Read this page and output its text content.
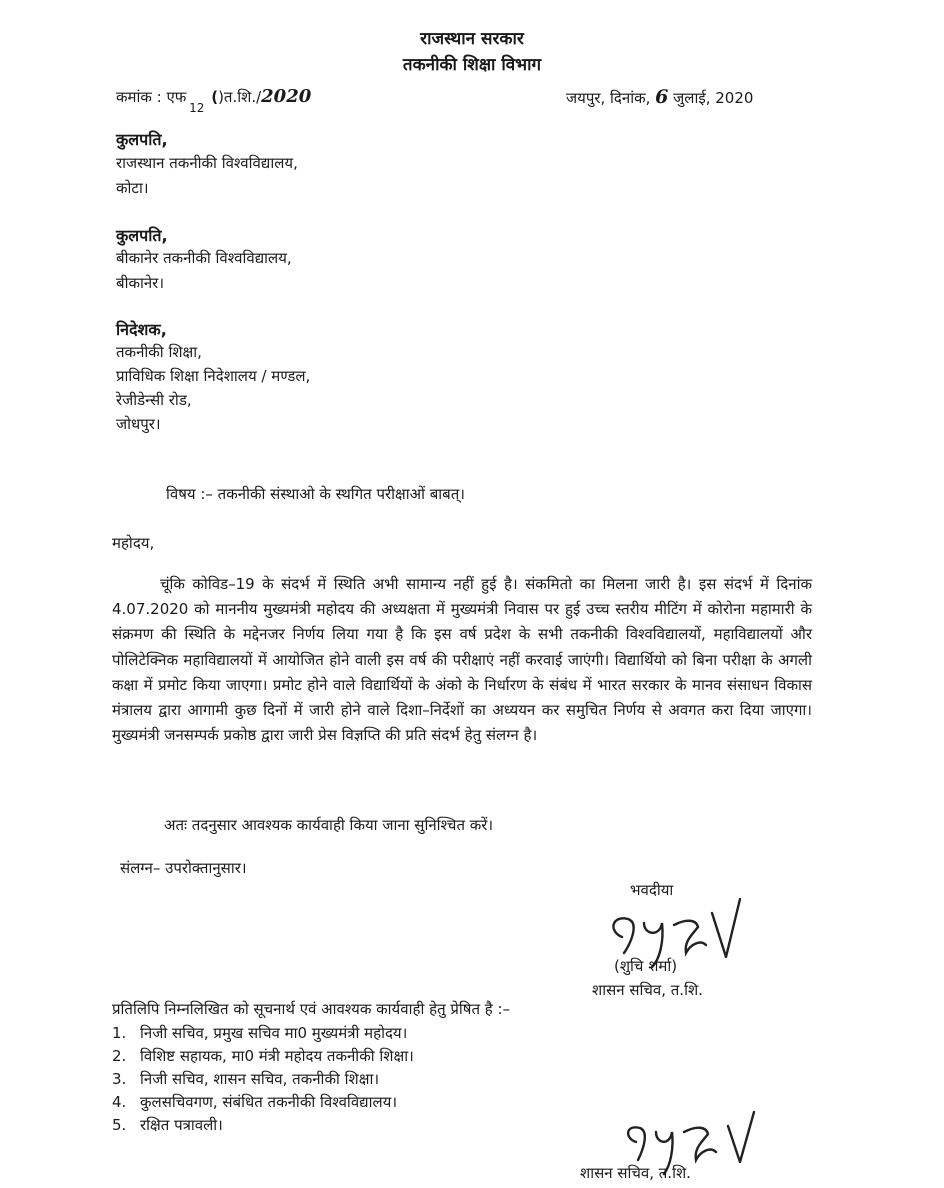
राजस्थान सरकार
तकनीकी शिक्षा विभाग
कमांक : एफ $_{12}$ ()त.शि./2020	जयपुर, दिनांक, 6 जुलाई, 2020
कुलपति,
राजस्थान तकनीकी विश्वविद्यालय,
कोटा।
कुलपति,
बीकानेर तकनीकी विश्वविद्यालय,
बीकानेर।
निदेशक,
तकनीकी शिक्षा,
प्राविधिक शिक्षा निदेशालय / मण्डल,
रेजीडेन्सी रोड,
जोधपुर।
विषय :– तकनीकी संस्थाओ के स्थगित परीक्षाओं बाबत्।
महोदय,
चूंकि कोविड–19 के संदर्भ में स्थिति अभी सामान्य नहीं हुई है। संकमितो का मिलना जारी है। इस संदर्भ में दिनांक 4.07.2020 को माननीय मुख्यमंत्री महोदय की अध्यक्षता में मुख्यमंत्री निवास पर हुई उच्च स्तरीय मीटिंग में कोरोना महामारी के संक्रमण की स्थिति के मद्देनजर निर्णय लिया गया है कि इस वर्ष प्रदेश के सभी तकनीकी विश्वविद्यालयों, महाविद्यालयों और पोलिटेक्निक महाविद्यालयों में आयोजित होने वाली इस वर्ष की परीक्षाएं नहीं करवाई जाएंगी। विद्यार्थियो को बिना परीक्षा के अगली कक्षा में प्रमोट किया जाएगा। प्रमोट होने वाले विद्यार्थियों के अंको के निर्धारण के संबंध में भारत सरकार के मानव संसाधन विकास मंत्रालय द्वारा आगामी कुछ दिनों में जारी होने वाले दिशा–निर्देशों का अध्ययन कर समुचित निर्णय से अवगत करा दिया जाएगा। मुख्यमंत्री जनसम्पर्क प्रकोष्ठ द्वारा जारी प्रेस विज्ञप्ति की प्रति संदर्भ हेतु संलग्न है।
अतः तदनुसार आवश्यक कार्यवाही किया जाना सुनिश्चित करें।
संलग्न– उपरोक्तानुसार।
भवदीया
(शुचि शर्मा)
शासन सचिव, त.शि.
प्रतिलिपि निम्नलिखित को सूचनार्थ एवं आवश्यक कार्यवाही हेतु प्रेषित है :–
1. निजी सचिव, प्रमुख सचिव मा0 मुख्यमंत्री महोदय।
2. विशिष्ट सहायक, मा0 मंत्री महोदय तकनीकी शिक्षा।
3. निजी सचिव, शासन सचिव, तकनीकी शिक्षा।
4. कुलसचिवगण, संबंधित तकनीकी विश्वविद्यालय।
5. रक्षित पत्रावली।
शासन सचिव, त.शि.
